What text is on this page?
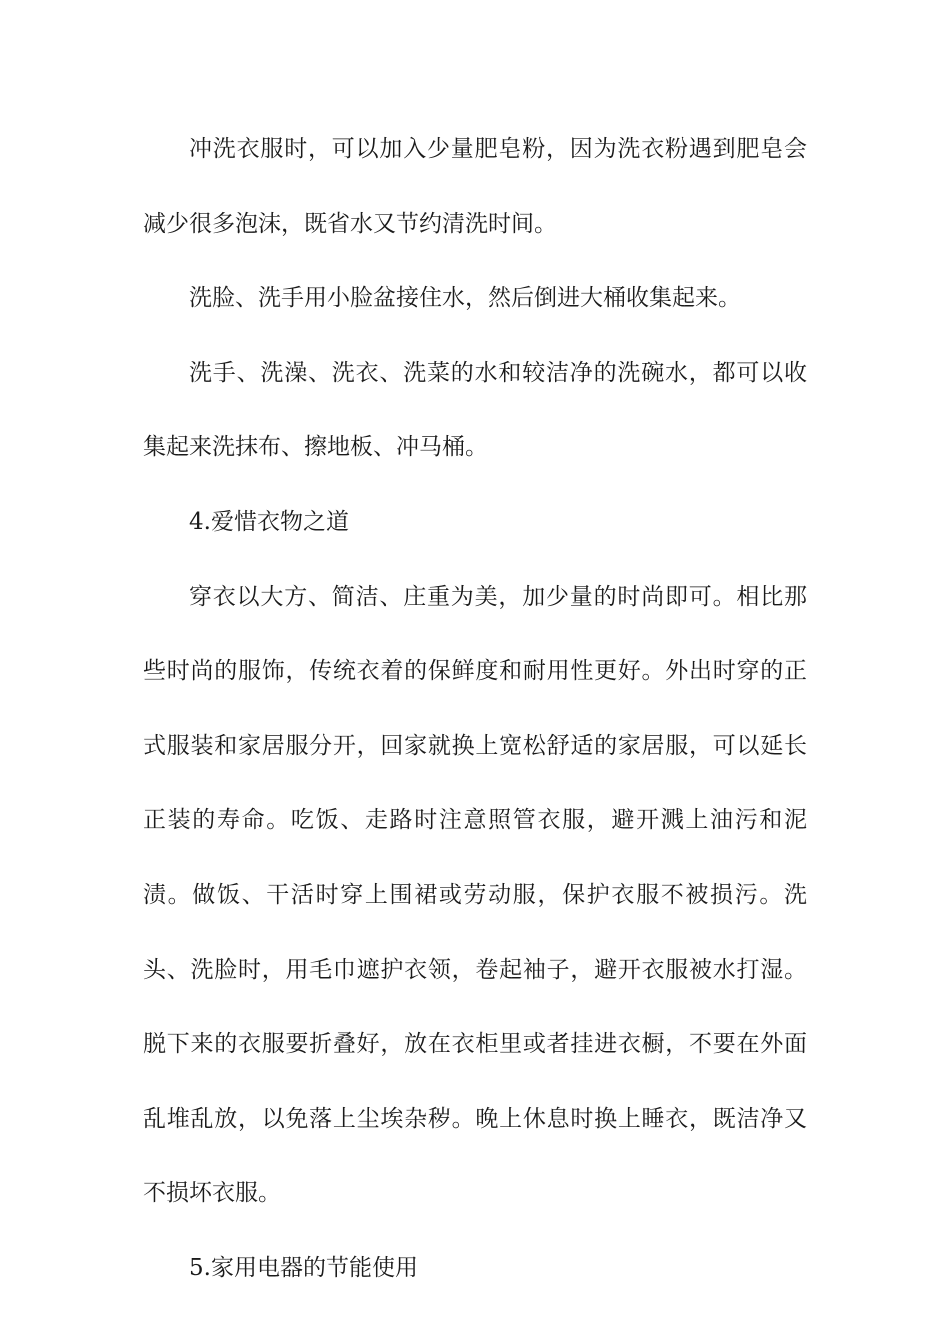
冲洗衣服时，可以加入少量肥皂粉，因为洗衣粉遇到肥皂会减少很多泡沫，既省水又节约清洗时间。

洗脸、洗手用小脸盆接住水，然后倒进大桶收集起来。

洗手、洗澡、洗衣、洗菜的水和较洁净的洗碗水，都可以收集起来洗抹布、擦地板、冲马桶。

4.爱惜衣物之道

穿衣以大方、简洁、庄重为美，加少量的时尚即可。相比那些时尚的服饰，传统衣着的保鲜度和耐用性更好。外出时穿的正式服装和家居服分开，回家就换上宽松舒适的家居服，可以延长正装的寿命。吃饭、走路时注意照管衣服，避开溅上油污和泥渍。做饭、干活时穿上围裙或劳动服，保护衣服不被损污。洗头、洗脸时，用毛巾遮护衣领，卷起袖子，避开衣服被水打湿。脱下来的衣服要折叠好，放在衣柜里或者挂进衣橱，不要在外面乱堆乱放，以免落上尘埃杂秽。晚上休息时换上睡衣，既洁净又不损坏衣服。

5.家用电器的节能使用
